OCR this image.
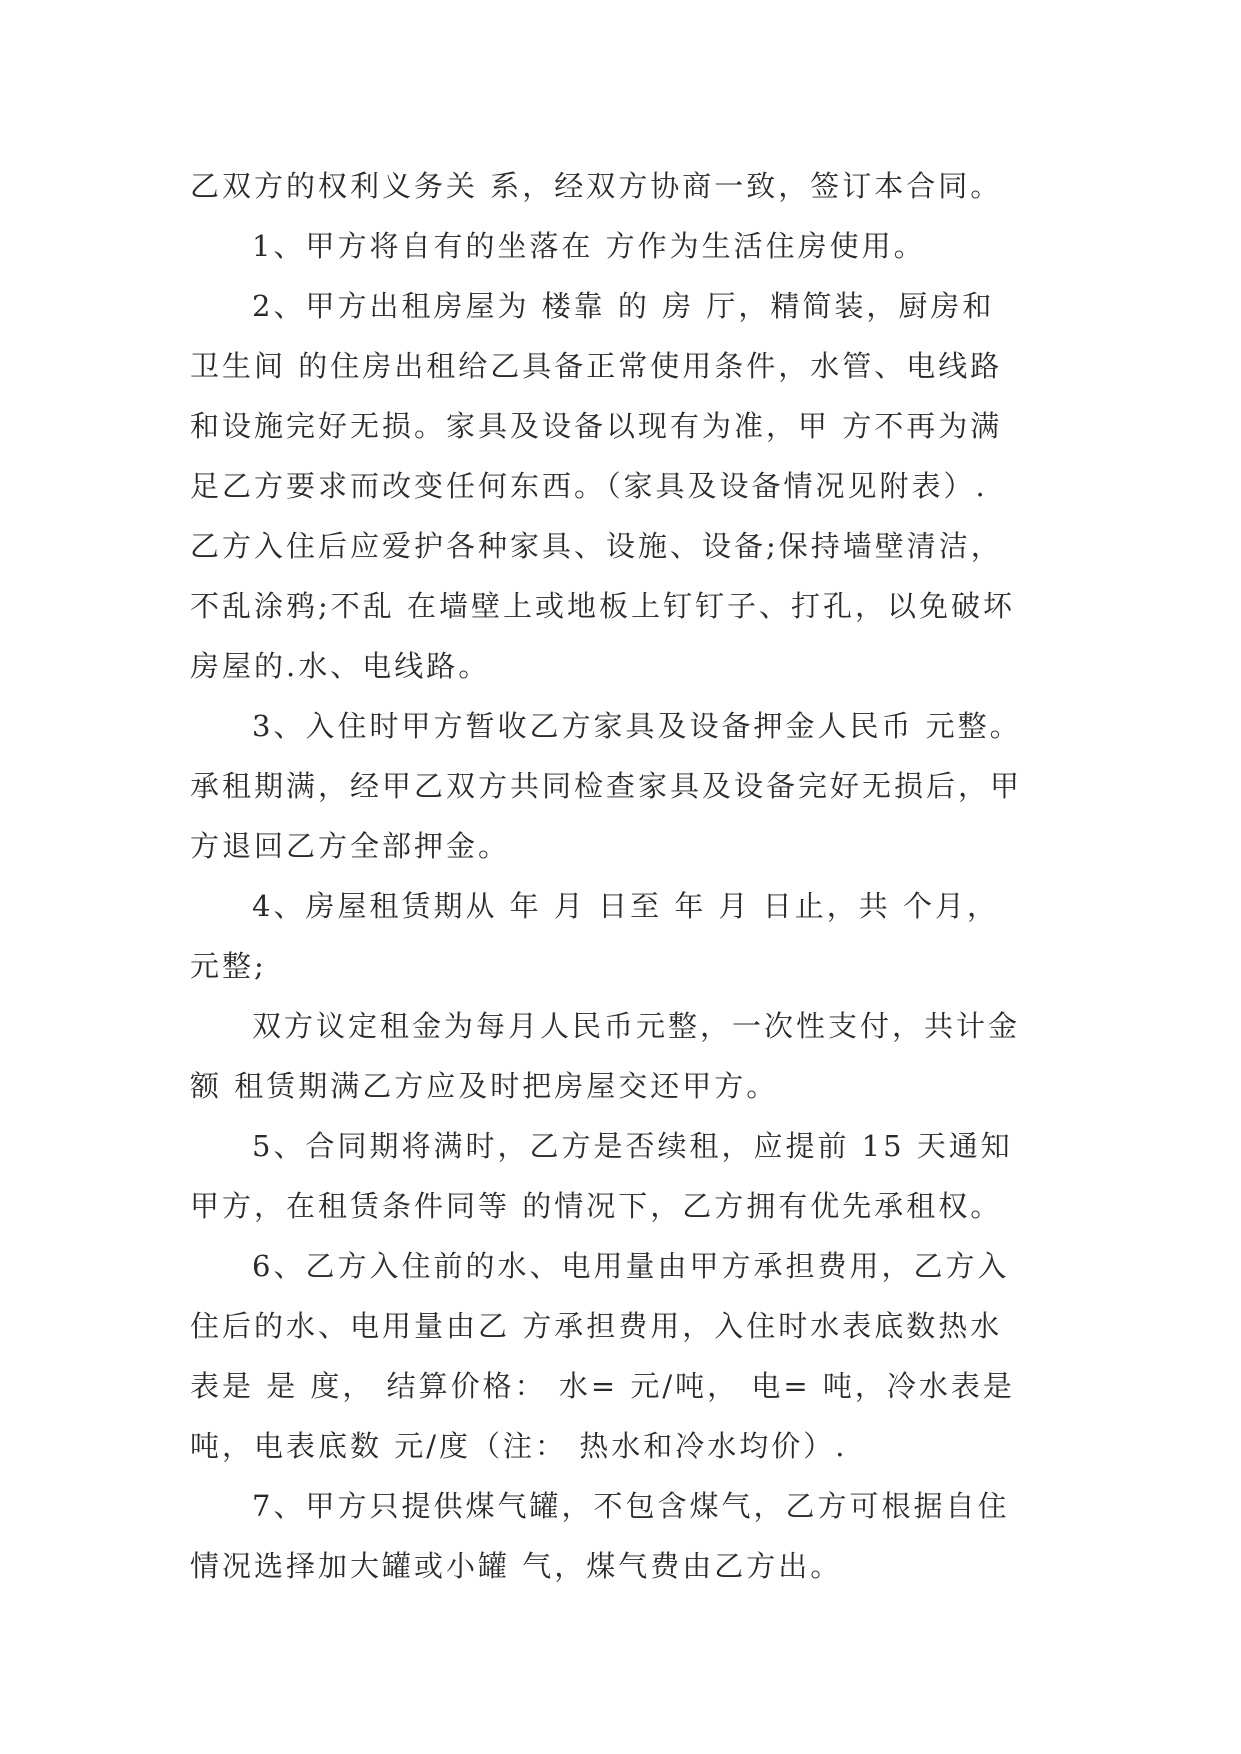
乙双方的权利义务关 系，经双方协商一致，签订本合同。
1、甲方将自有的坐落在 方作为生活住房使用。
2、甲方出租房屋为 楼靠 的 房 厅，精简装，厨房和
卫生间 的住房出租给乙具备正常使用条件，水管、电线路
和设施完好无损。家具及设备以现有为准，甲 方不再为满
足乙方要求而改变任何东西。（家具及设备情况见附表）.
乙方入住后应爱护各种家具、设施、设备;保持墙壁清洁，
不乱涂鸦;不乱 在墙壁上或地板上钉钉子、打孔，以免破坏
房屋的.水、电线路。
3、入住时甲方暂收乙方家具及设备押金人民币 元整。
承租期满，经甲乙双方共同检查家具及设备完好无损后，甲
方退回乙方全部押金。
4、房屋租赁期从 年 月 日至 年 月 日止，共 个月，
元整;
双方议定租金为每月人民币元整，一次性支付，共计金
额 租赁期满乙方应及时把房屋交还甲方。
5、合同期将满时，乙方是否续租，应提前 15 天通知
甲方，在租赁条件同等 的情况下，乙方拥有优先承租权。
6、乙方入住前的水、电用量由甲方承担费用，乙方入
住后的水、电用量由乙 方承担费用，入住时水表底数热水
表是 是 度， 结算价格： 水= 元/吨， 电= 吨，冷水表是
吨，电表底数 元/度（注： 热水和冷水均价）.
7、甲方只提供煤气罐，不包含煤气，乙方可根据自住
情况选择加大罐或小罐 气，煤气费由乙方出。
